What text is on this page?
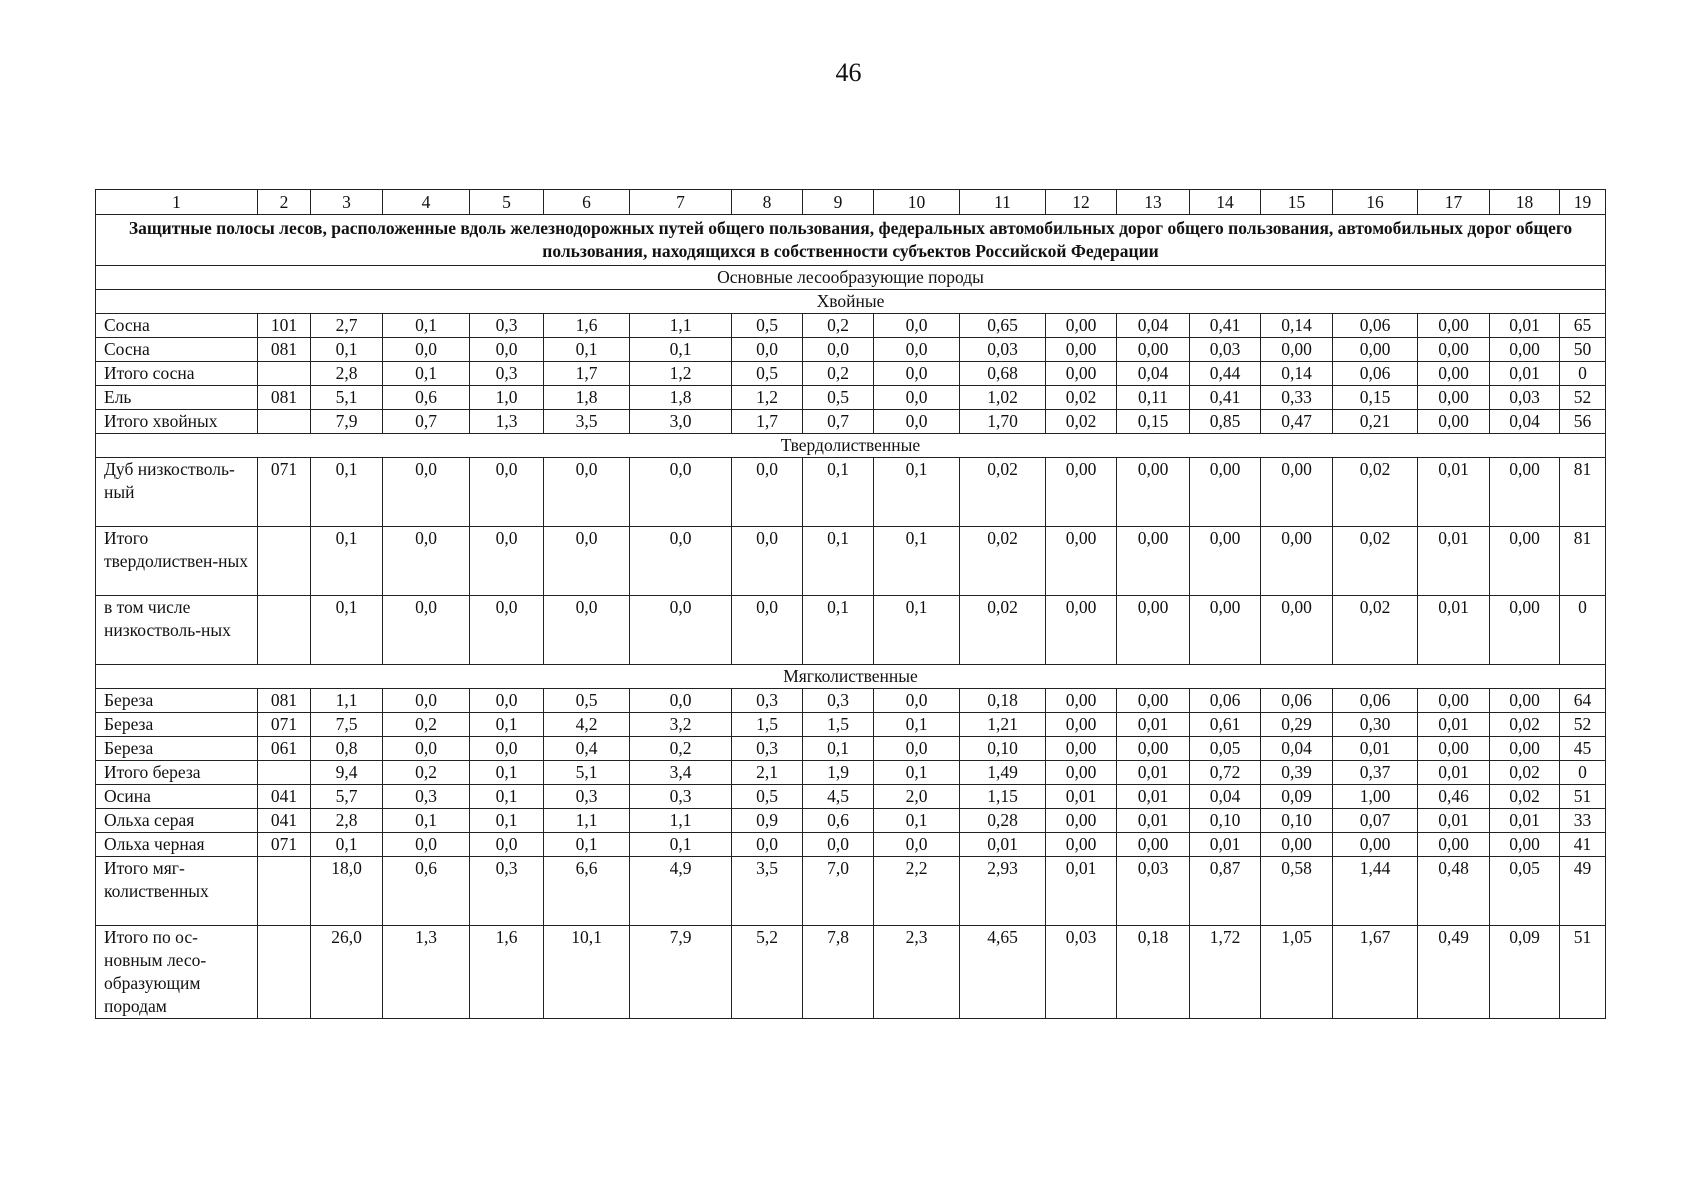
46
1	2	3	4	5	6	7	8	9	10	11	12	13	14	15	16	17	18	19
Защитные полосы лесов, расположенные вдоль железнодорожных путей общего пользования, федеральных автомобильных дорог общего пользования, автомобильных дорог общего пользования, находящихся в собственности субъектов Российской Федерации																		
Основные лесообразующие породы																		
Хвойные																		
Сосна	101	2,7	0,1	0,3	1,6	1,1	0,5	0,2	0,0	0,65	0,00	0,04	0,41	0,14	0,06	0,00	0,01	65
Сосна	081	0,1	0,0	0,0	0,1	0,1	0,0	0,0	0,0	0,03	0,00	0,00	0,03	0,00	0,00	0,00	0,00	50
Итого сосна		2,8	0,1	0,3	1,7	1,2	0,5	0,2	0,0	0,68	0,00	0,04	0,44	0,14	0,06	0,00	0,01	0
Ель	081	5,1	0,6	1,0	1,8	1,8	1,2	0,5	0,0	1,02	0,02	0,11	0,41	0,33	0,15	0,00	0,03	52
Итого хвойных		7,9	0,7	1,3	3,5	3,0	1,7	0,7	0,0	1,70	0,02	0,15	0,85	0,47	0,21	0,00	0,04	56
Твердолиственные																		
Дуб низкостволь-ный	071	0,1	0,0	0,0	0,0	0,0	0,0	0,1	0,1	0,02	0,00	0,00	0,00	0,00	0,02	0,01	0,00	81
Итого твердолиствен-ных		0,1	0,0	0,0	0,0	0,0	0,0	0,1	0,1	0,02	0,00	0,00	0,00	0,00	0,02	0,01	0,00	81
в том числе низкостволь-ных		0,1	0,0	0,0	0,0	0,0	0,0	0,1	0,1	0,02	0,00	0,00	0,00	0,00	0,02	0,01	0,00	0
Мягколиственные																		
Береза	081	1,1	0,0	0,0	0,5	0,0	0,3	0,3	0,0	0,18	0,00	0,00	0,06	0,06	0,06	0,00	0,00	64
Береза	071	7,5	0,2	0,1	4,2	3,2	1,5	1,5	0,1	1,21	0,00	0,01	0,61	0,29	0,30	0,01	0,02	52
Береза	061	0,8	0,0	0,0	0,4	0,2	0,3	0,1	0,0	0,10	0,00	0,00	0,05	0,04	0,01	0,00	0,00	45
Итого береза		9,4	0,2	0,1	5,1	3,4	2,1	1,9	0,1	1,49	0,00	0,01	0,72	0,39	0,37	0,01	0,02	0
Осина	041	5,7	0,3	0,1	0,3	0,3	0,5	4,5	2,0	1,15	0,01	0,01	0,04	0,09	1,00	0,46	0,02	51
Ольха серая	041	2,8	0,1	0,1	1,1	1,1	0,9	0,6	0,1	0,28	0,00	0,01	0,10	0,10	0,07	0,01	0,01	33
Ольха черная	071	0,1	0,0	0,0	0,1	0,1	0,0	0,0	0,0	0,01	0,00	0,00	0,01	0,00	0,00	0,00	0,00	41
Итого мяг-колиственных		18,0	0,6	0,3	6,6	4,9	3,5	7,0	2,2	2,93	0,01	0,03	0,87	0,58	1,44	0,48	0,05	49
Итого по ос-новным лесо-образующим породам		26,0	1,3	1,6	10,1	7,9	5,2	7,8	2,3	4,65	0,03	0,18	1,72	1,05	1,67	0,49	0,09	51
